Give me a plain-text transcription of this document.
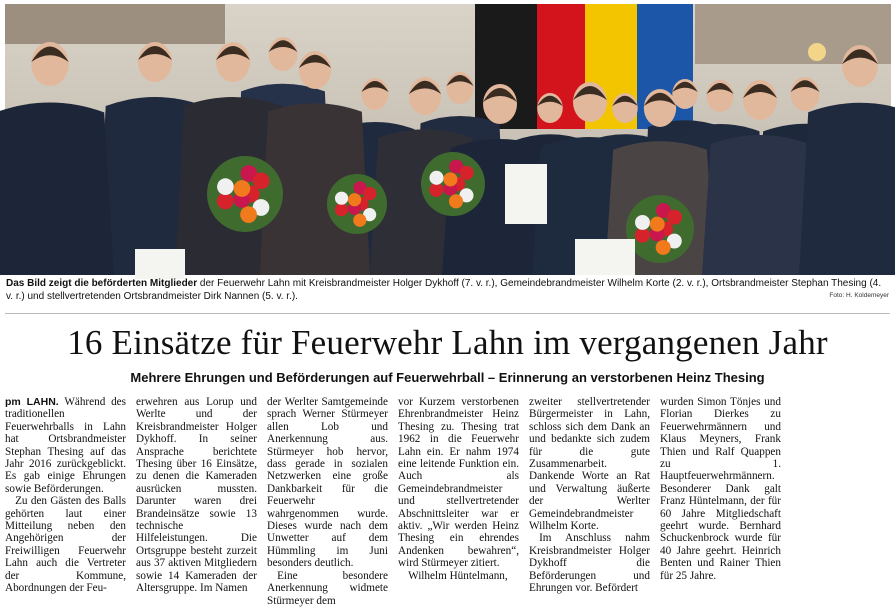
Das Bild zeigt die beförderten Mitglieder der Feuerwehr Lahn mit Kreisbrandmeister Holger Dykhoff (7. v. r.), Gemeindebrandmeister Wilhelm Korte (2. v. r.), Ortsbrandmeister Stephan Thesing (4. v. r.) und stellvertretenden Ortsbrandmeister Dirk Nannen (5. v. r.).	Foto: H. Koldemeyer
16 Einsätze für Feuerwehr Lahn im vergangenen Jahr
Mehrere Ehrungen und Beförderungen auf Feuerwehrball – Erinnerung an verstorbenen Heinz Thesing
pm LAHN. Während des traditionellen Feuerwehrballs in Lahn hat Ortsbrandmeister Stephan Thesing auf das Jahr 2016 zurückgeblickt. Es gab einige Ehrungen sowie Beförderungen.
Zu den Gästen des Balls gehörten laut einer Mitteilung neben den Angehörigen der Freiwilligen Feuerwehr Lahn auch die Vertreter der Kommune, Abordnungen der Feu-
erwehren aus Lorup und Werlte und der Kreisbrandmeister Holger Dykhoff. In seiner Ansprache berichtete Thesing über 16 Einsätze, zu denen die Kameraden ausrücken mussten. Darunter waren drei Brandeinsätze sowie 13 technische Hilfeleistungen. Die Ortsgruppe besteht zurzeit aus 37 aktiven Mitgliedern sowie 14 Kameraden der Altersgruppe. Im Namen
der Werlter Samtgemeinde sprach Werner Stürmeyer allen Lob und Anerkennung aus. Stürmeyer hob hervor, dass gerade in sozialen Netzwerken eine große Dankbarkeit für die Feuerwehr wahrgenommen wurde. Dieses wurde nach dem Unwetter auf dem Hümmling im Juni besonders deutlich.
Eine besondere Anerkennung widmete Stürmeyer dem
vor Kurzem verstorbenen Ehrenbrandmeister Heinz Thesing zu. Thesing trat 1962 in die Feuerwehr Lahn ein. Er nahm 1974 eine leitende Funktion ein. Auch als Gemeindebrandmeister und stellvertretender Abschnittsleiter war er aktiv. „Wir werden Heinz Thesing ein ehrendes Andenken bewahren“, wird Stürmeyer zitiert.
Wilhelm Hüntelmann,
zweiter stellvertretender Bürgermeister in Lahn, schloss sich dem Dank an und bedankte sich zudem für die gute Zusammenarbeit. Dankende Worte an Rat und Verwaltung äußerte der Werlter Gemeindebrandmeister Wilhelm Korte.
Im Anschluss nahm Kreisbrandmeister Holger Dykhoff die Beförderungen und Ehrungen vor. Befördert
wurden Simon Tönjes und Florian Dierkes zu Feuerwehrmännern und Klaus Meyners, Frank Thien und Ralf Quappen zu 1. Hauptfeuerwehrmännern. Besonderer Dank galt Franz Hüntelmann, der für 60 Jahre Mitgliedschaft geehrt wurde. Bernhard Schuckenbrock wurde für 40 Jahre geehrt. Heinrich Benten und Rainer Thien für 25 Jahre.
